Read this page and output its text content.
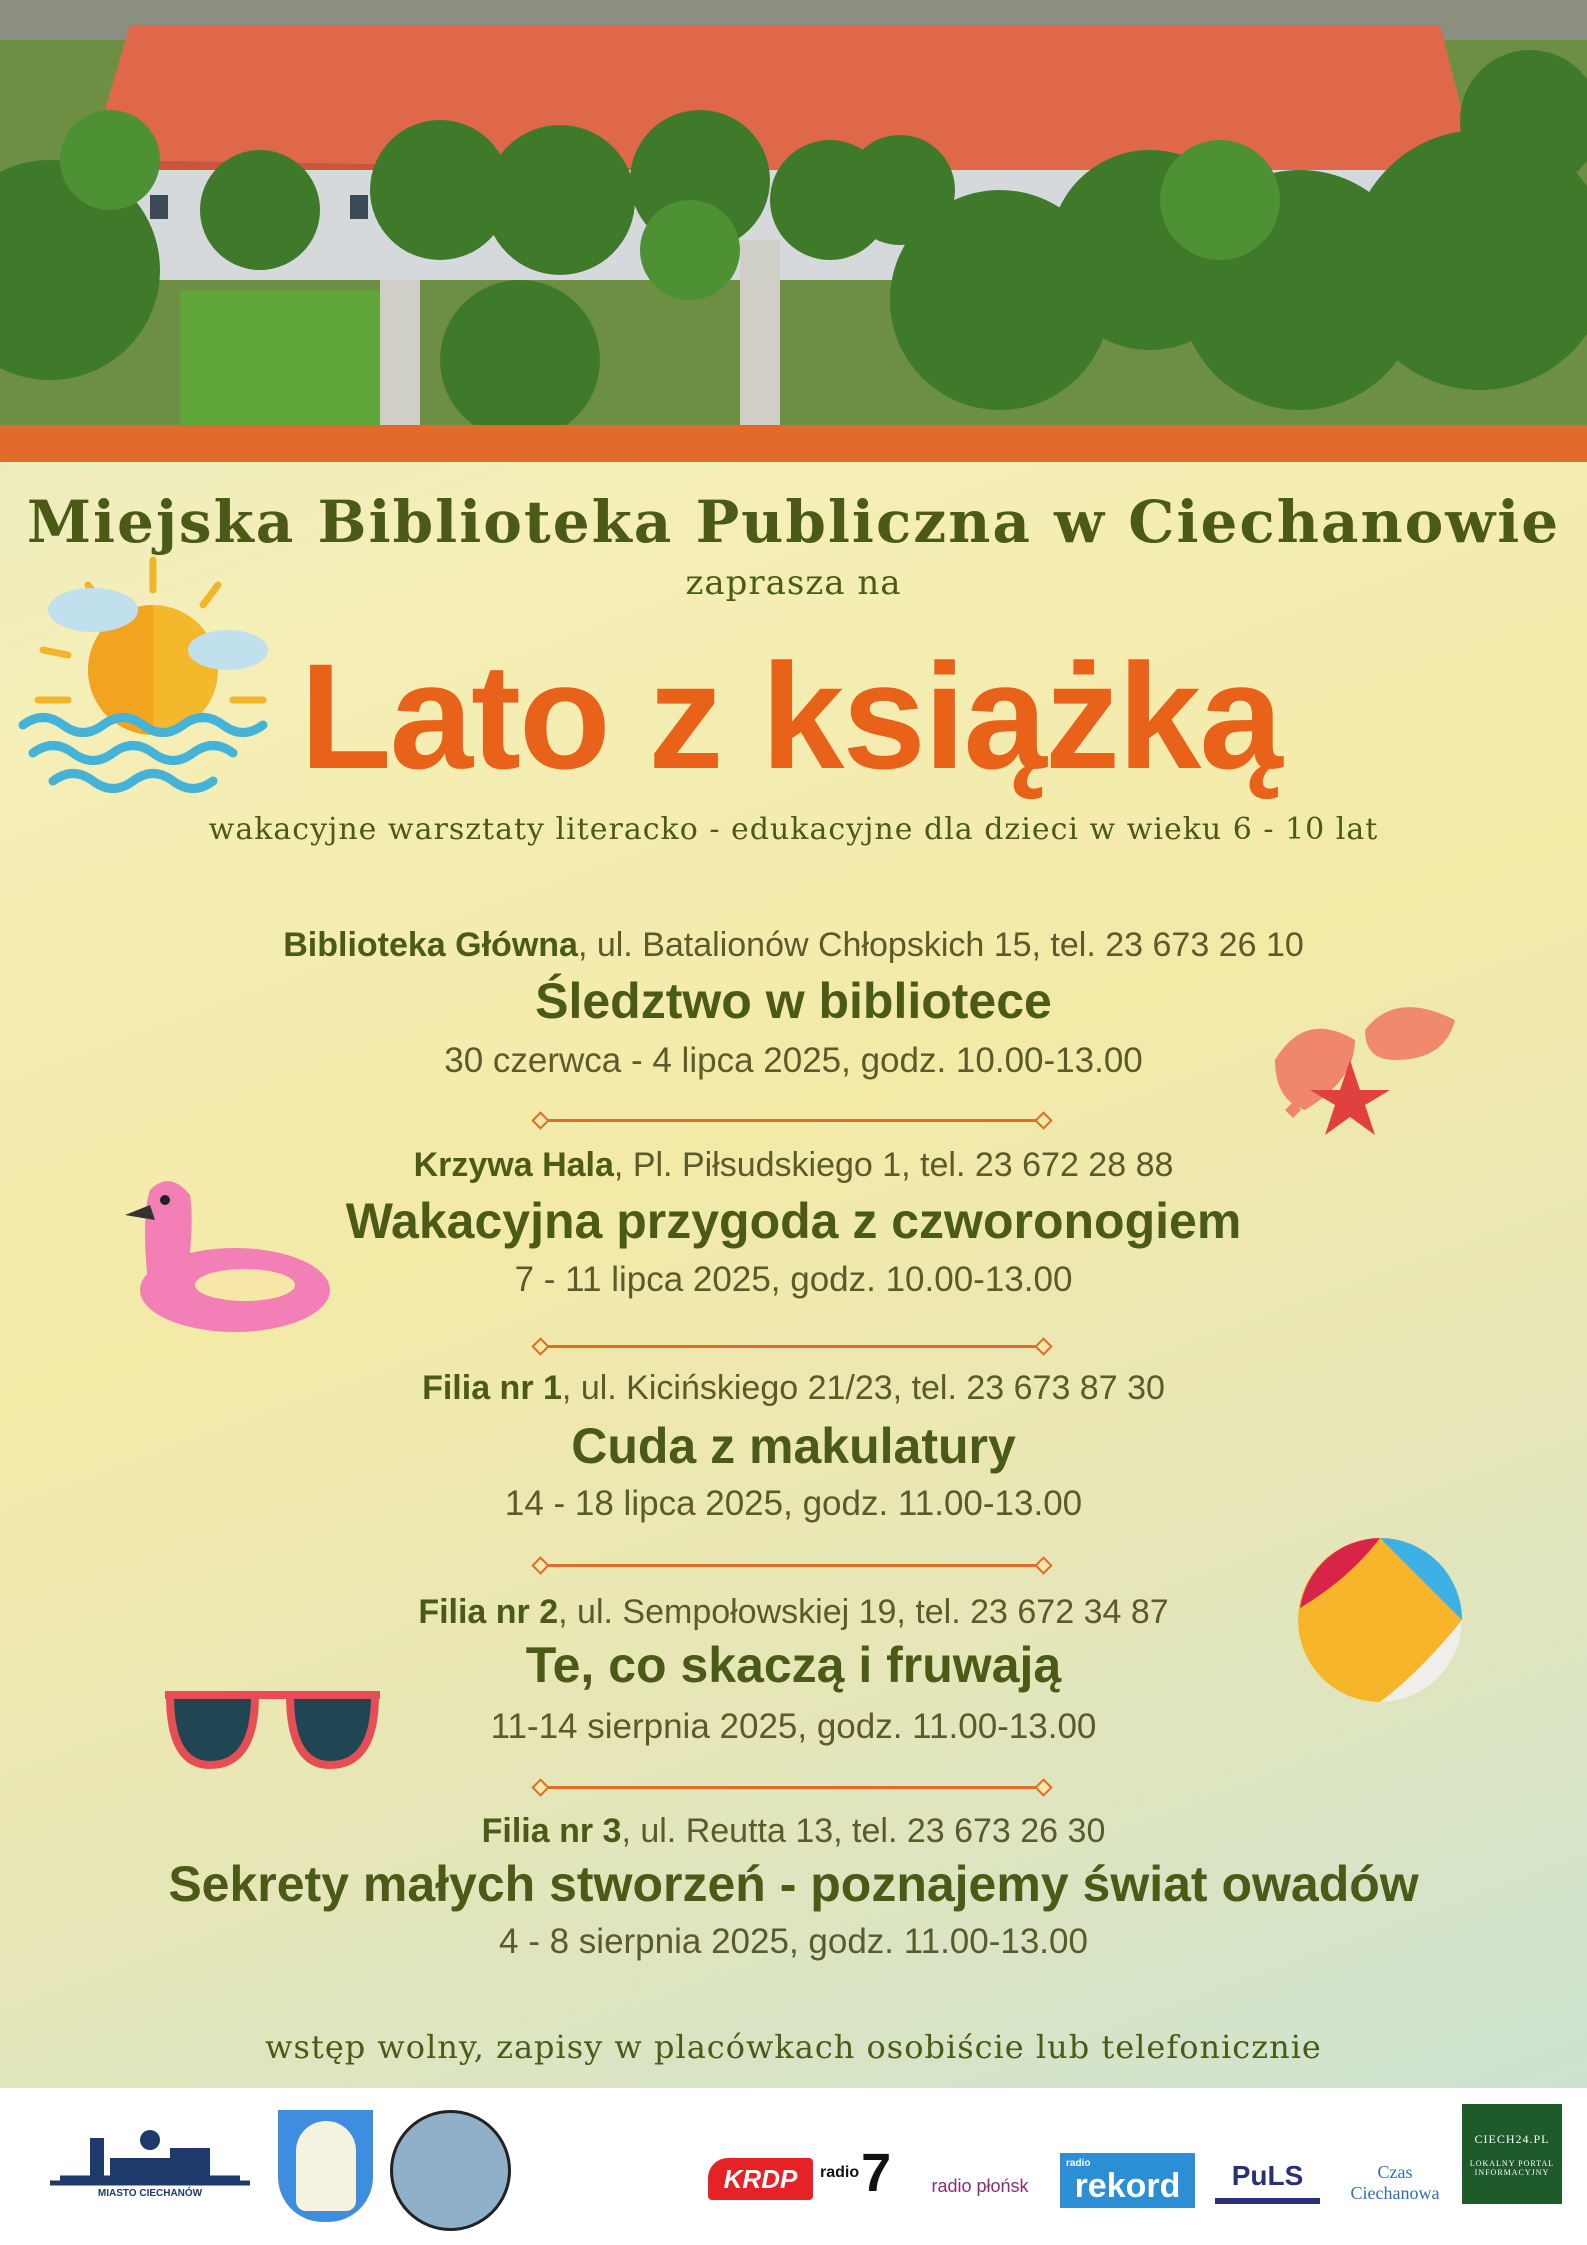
Miejska Biblioteka Publiczna w Ciechanowie
zaprasza na
Lato z książką
wakacyjne warsztaty literacko - edukacyjne dla dzieci w wieku 6 - 10 lat
Biblioteka Główna, ul. Batalionów Chłopskich 15, tel. 23 673 26 10
Śledztwo w bibliotece
30 czerwca - 4 lipca 2025, godz. 10.00-13.00
Krzywa Hala, Pl. Piłsudskiego 1, tel. 23 672 28 88
Wakacyjna przygoda z czworonogiem
7 - 11 lipca 2025, godz. 10.00-13.00
Filia nr 1, ul. Kicińskiego 21/23, tel. 23 673 87 30
Cuda z makulatury
14 - 18 lipca 2025, godz. 11.00-13.00
Filia nr 2, ul. Sempołowskiej 19, tel. 23 672 34 87
Te, co skaczą i fruwają
11-14 sierpnia 2025, godz. 11.00-13.00
Filia nr 3, ul. Reutta 13, tel. 23 673 26 30
Sekrety małych stworzeń - poznajemy świat owadów
4 - 8 sierpnia 2025, godz. 11.00-13.00
wstęp wolny, zapisy w placówkach osobiście lub telefonicznie
MIASTO CIECHANÓW	KRDP	radio 7	radio płońsk
radio
rekord	PuLS	Czas Ciechanowa
CIECH24.PL
LOKALNY PORTAL INFORMACYJNY
